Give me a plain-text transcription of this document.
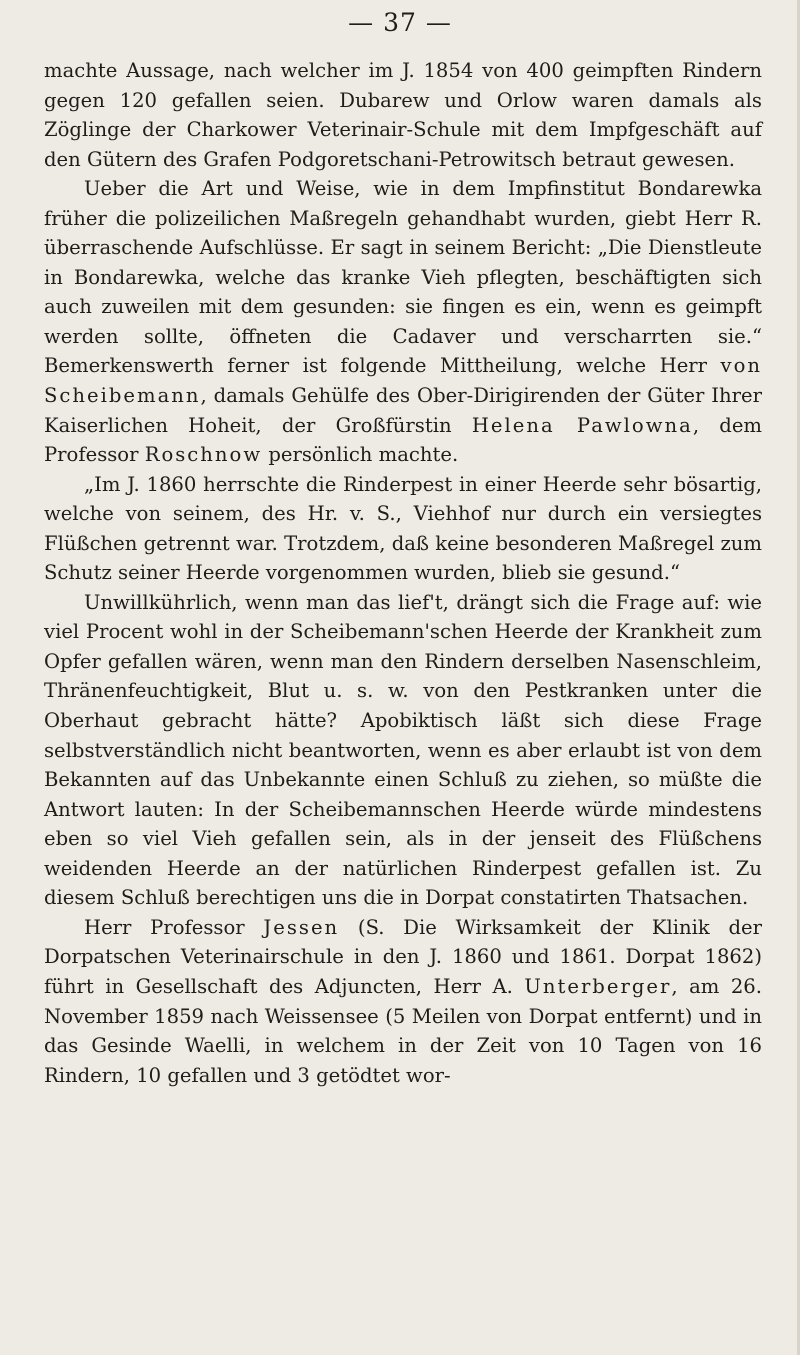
— 37 —

machte Aussage, nach welcher im J. 1854 von 400 geimpften Rindern gegen 120 gefallen seien. Dubarew und Orlow waren damals als Zöglinge der Charkower Veterinair-Schule mit dem Impfgeschäft auf den Gütern des Grafen Podgoretschani-Petrowitsch betraut gewesen.

Ueber die Art und Weise, wie in dem Impfinstitut Bondarewka früher die polizeilichen Maßregeln gehandhabt wurden, giebt Herr R. überraschende Aufschlüsse. Er sagt in seinem Bericht: „Die Dienstleute in Bondarewka, welche das kranke Vieh pflegten, beschäftigten sich auch zuweilen mit dem gesunden: sie fingen es ein, wenn es geimpft werden sollte, öffneten die Cadaver und verscharrten sie.“ Bemerkenswerth ferner ist folgende Mittheilung, welche Herr von Scheibemann, damals Gehülfe des Ober-Dirigirenden der Güter Ihrer Kaiserlichen Hoheit, der Großfürstin Helena Pawlowna, dem Professor Roschnow persönlich machte.

„Im J. 1860 herrschte die Rinderpest in einer Heerde sehr bösartig, welche von seinem, des Hr. v. S., Viehhof nur durch ein versiegtes Flüßchen getrennt war. Trotzdem, daß keine besonderen Maßregel zum Schutz seiner Heerde vorgenommen wurden, blieb sie gesund.“

Unwillkührlich, wenn man das lief't, drängt sich die Frage auf: wie viel Procent wohl in der Scheibemann'schen Heerde der Krankheit zum Opfer gefallen wären, wenn man den Rindern derselben Nasenschleim, Thränenfeuchtigkeit, Blut u. s. w. von den Pestkranken unter die Oberhaut gebracht hätte? Apobiktisch läßt sich diese Frage selbstverständlich nicht beantworten, wenn es aber erlaubt ist von dem Bekannten auf das Unbekannte einen Schluß zu ziehen, so müßte die Antwort lauten: In der Scheibemannschen Heerde würde mindestens eben so viel Vieh gefallen sein, als in der jenseit des Flüßchens weidenden Heerde an der natürlichen Rinderpest gefallen ist. Zu diesem Schluß berechtigen uns die in Dorpat constatirten Thatsachen.

Herr Professor Jessen (S. Die Wirksamkeit der Klinik der Dorpatschen Veterinairschule in den J. 1860 und 1861. Dorpat 1862) führt in Gesellschaft des Adjuncten, Herr A. Unterberger, am 26. November 1859 nach Weissensee (5 Meilen von Dorpat entfernt) und in das Gesinde Waelli, in welchem in der Zeit von 10 Tagen von 16 Rindern, 10 gefallen und 3 getödtet wor-
